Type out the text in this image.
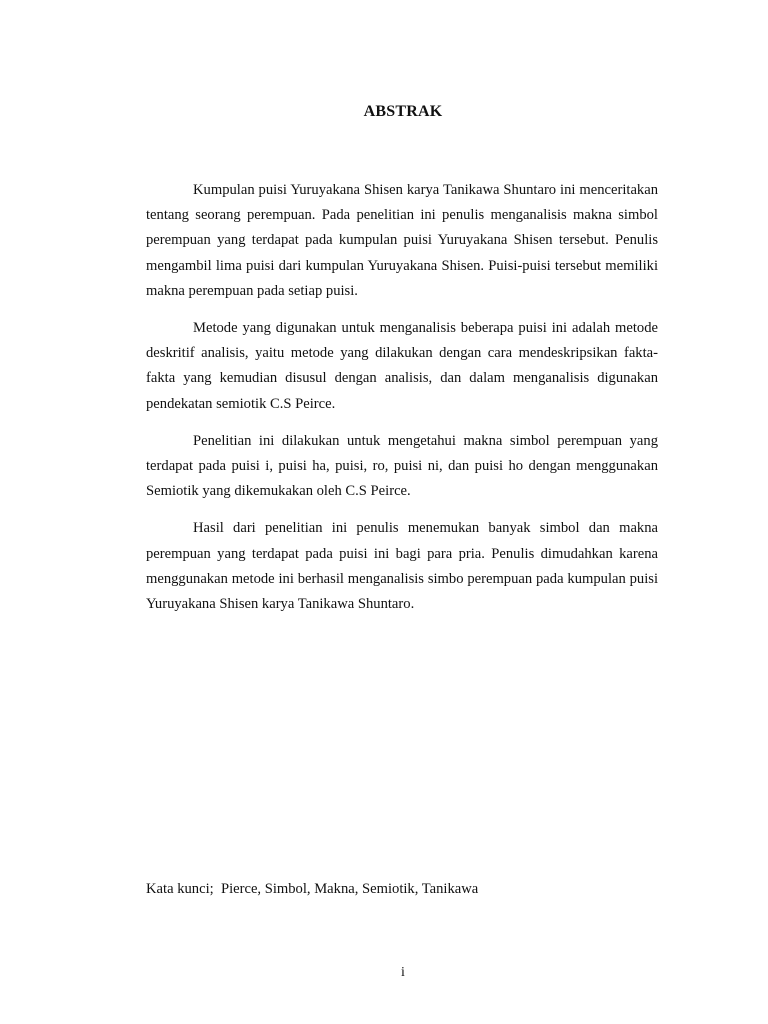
ABSTRAK

Kumpulan puisi Yuruyakana Shisen karya Tanikawa Shuntaro ini menceritakan tentang seorang perempuan. Pada penelitian ini penulis menganalisis makna simbol perempuan yang terdapat pada kumpulan puisi Yuruyakana Shisen tersebut. Penulis mengambil lima puisi dari kumpulan Yuruyakana Shisen. Puisi-puisi tersebut memiliki makna perempuan pada setiap puisi.

Metode yang digunakan untuk menganalisis beberapa puisi ini adalah metode deskritif analisis, yaitu metode yang dilakukan dengan cara mendeskripsikan fakta-fakta yang kemudian disusul dengan analisis, dan dalam menganalisis digunakan pendekatan semiotik C.S Peirce.

Penelitian ini dilakukan untuk mengetahui makna simbol perempuan yang terdapat pada puisi i, puisi ha, puisi, ro, puisi ni, dan puisi ho dengan menggunakan Semiotik yang dikemukakan oleh C.S Peirce.

Hasil dari penelitian ini penulis menemukan banyak simbol dan makna perempuan yang terdapat pada puisi ini bagi para pria. Penulis dimudahkan karena menggunakan metode ini berhasil menganalisis simbo perempuan pada kumpulan puisi Yuruyakana Shisen karya Tanikawa Shuntaro.

Kata kunci;  Pierce, Simbol, Makna, Semiotik, Tanikawa
i
